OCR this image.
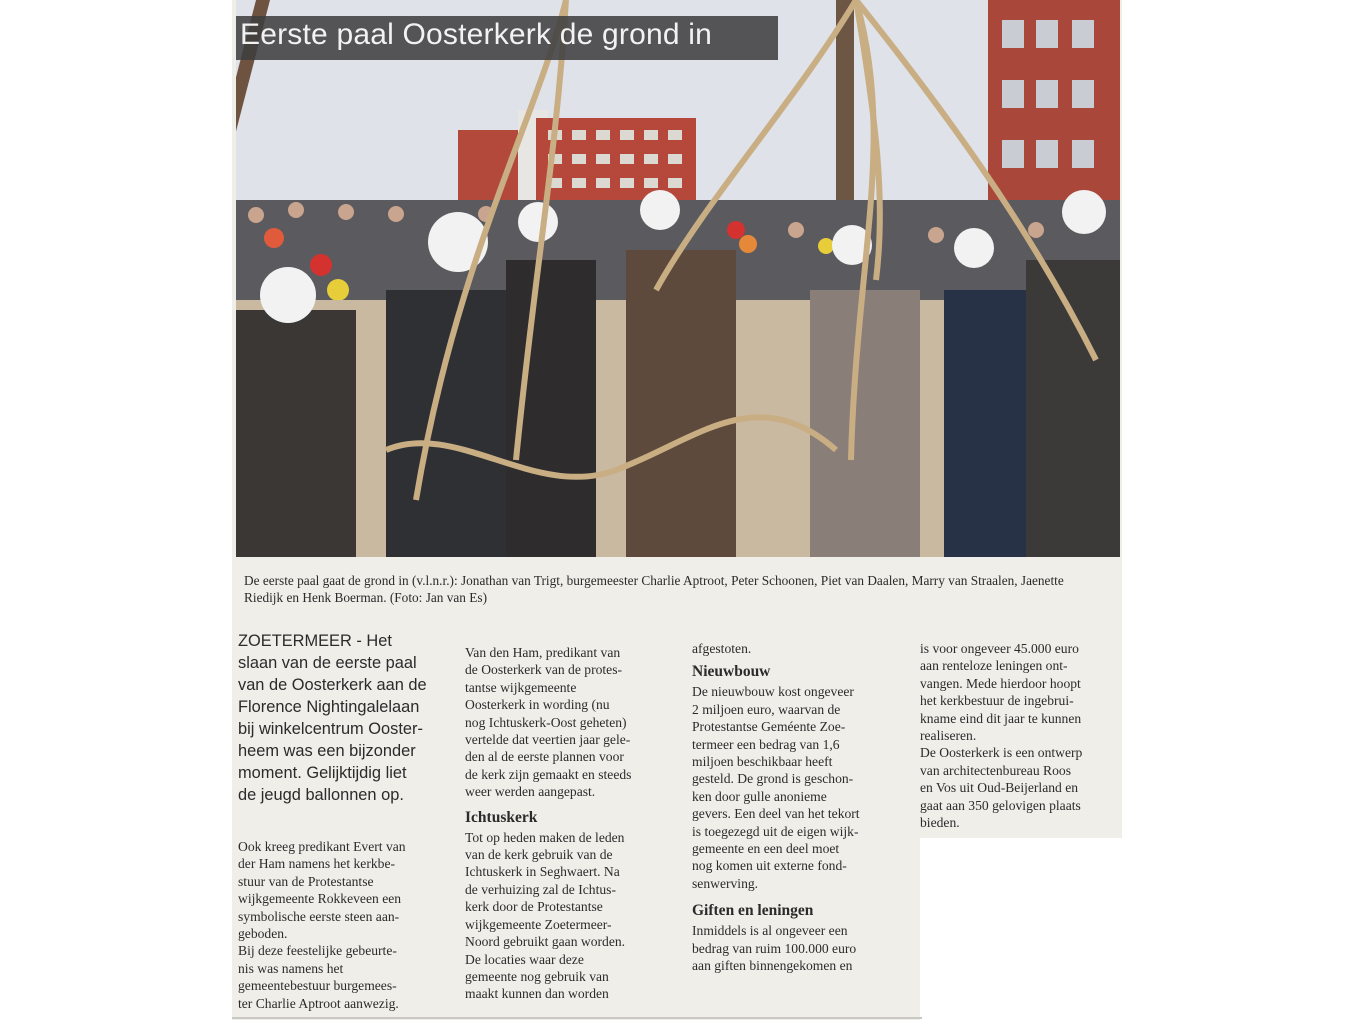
Eerste paal Oosterkerk de grond in
De eerste paal gaat de grond in (v.l.n.r.): Jonathan van Trigt, burgemeester Charlie Aptroot, Peter Schoonen, Piet van Daalen, Marry van Straalen, Jaenette Riedijk en Henk Boerman. (Foto: Jan van Es)
ZOETERMEER - Het
slaan van de eerste paal
van de Oosterkerk aan de
Florence Nightingalelaan
bij winkelcentrum Ooster-
heem was een bijzonder
moment. Gelijktijdig liet
de jeugd ballonnen op.

Ook kreeg predikant Evert van
der Ham namens het kerkbe-
stuur van de Protestantse
wijkgemeente Rokkeveen een
symbolische eerste steen aan-
geboden.
Bij deze feestelijke gebeurte-
nis was namens het
gemeentebestuur burgemees-
ter Charlie Aptroot aanwezig.

Van den Ham, predikant van
de Oosterkerk van de protes-
tantse wijkgemeente
Oosterkerk in wording (nu
nog Ichtuskerk-Oost geheten)
vertelde dat veertien jaar gele-
den al de eerste plannen voor
de kerk zijn gemaakt en steeds
weer werden aangepast.

Ichtuskerk

Tot op heden maken de leden
van de kerk gebruik van de
Ichtuskerk in Seghwaert. Na
de verhuizing zal de Ichtus-
kerk door de Protestantse
wijkgemeente Zoetermeer-
Noord gebruikt gaan worden.
De locaties waar deze
gemeente nog gebruik van
maakt kunnen dan worden

afgestoten.

Nieuwbouw

De nieuwbouw kost ongeveer
2 miljoen euro, waarvan de
Protestantse Geméente Zoe-
termeer een bedrag van 1,6
miljoen beschikbaar heeft
gesteld. De grond is geschon-
ken door gulle anonieme
gevers. Een deel van het tekort
is toegezegd uit de eigen wijk-
gemeente en een deel moet
nog komen uit externe fond-
senwerving.

Giften en leningen

Inmiddels is al ongeveer een
bedrag van ruim 100.000 euro
aan giften binnengekomen en

is voor ongeveer 45.000 euro
aan renteloze leningen ont-
vangen. Mede hierdoor hoopt
het kerkbestuur de ingebrui-
kname eind dit jaar te kunnen
realiseren.
De Oosterkerk is een ontwerp
van architectenbureau Roos
en Vos uit Oud-Beijerland en
gaat aan 350 gelovigen plaats
bieden.
